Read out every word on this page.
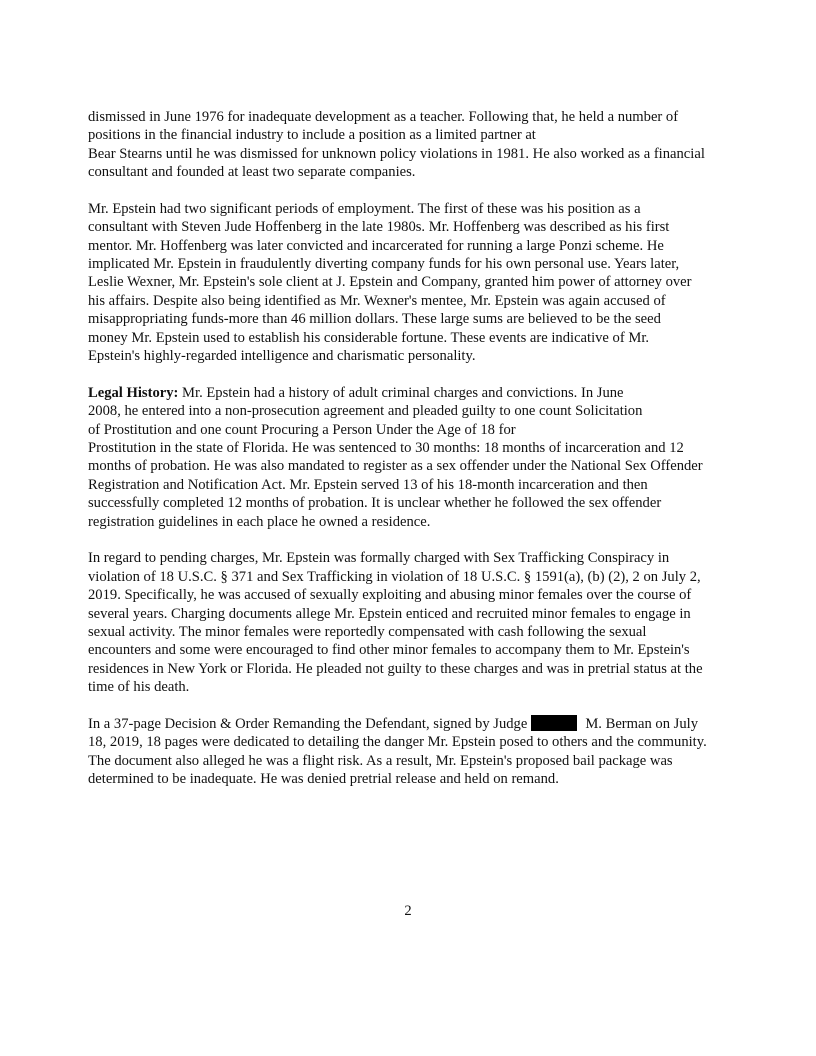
dismissed in June 1976 for inadequate development as a teacher. Following that, he held a number of
positions in the financial industry to include a position as a limited partner at
Bear Stearns until he was dismissed for unknown policy violations in 1981. He also worked as a financial
consultant and founded at least two separate companies.
Mr. Epstein had two significant periods of employment. The first of these was his position as a
consultant with Steven Jude Hoffenberg in the late 1980s. Mr. Hoffenberg was described as his first
mentor. Mr. Hoffenberg was later convicted and incarcerated for running a large Ponzi scheme. He
implicated Mr. Epstein in fraudulently diverting company funds for his own personal use. Years later,
Leslie Wexner, Mr. Epstein's sole client at J. Epstein and Company, granted him power of attorney over
his affairs. Despite also being identified as Mr. Wexner's mentee, Mr. Epstein was again accused of
misappropriating funds-more than 46 million dollars. These large sums are believed to be the seed
money Mr. Epstein used to establish his considerable fortune. These events are indicative of Mr.
Epstein's highly-regarded intelligence and charismatic personality.
Legal History: Mr. Epstein had a history of adult criminal charges and convictions. In June
2008, he entered into a non-prosecution agreement and pleaded guilty to one count Solicitation
of Prostitution and one count Procuring a Person Under the Age of 18 for
Prostitution in the state of Florida. He was sentenced to 30 months: 18 months of incarceration and 12
months of probation. He was also mandated to register as a sex offender under the National Sex Offender
Registration and Notification Act. Mr. Epstein served 13 of his 18-month incarceration and then
successfully completed 12 months of probation. It is unclear whether he followed the sex offender
registration guidelines in each place he owned a residence.
In regard to pending charges, Mr. Epstein was formally charged with Sex Trafficking Conspiracy in
violation of 18 U.S.C. § 371 and Sex Trafficking in violation of 18 U.S.C. § 1591(a), (b) (2), 2 on July 2,
2019. Specifically, he was accused of sexually exploiting and abusing minor females over the course of
several years. Charging documents allege Mr. Epstein enticed and recruited minor females to engage in
sexual activity. The minor females were reportedly compensated with cash following the sexual
encounters and some were encouraged to find other minor females to accompany them to Mr. Epstein's
residences in New York or Florida. He pleaded not guilty to these charges and was in pretrial status at the
time of his death.
In a 37-page Decision & Order Remanding the Defendant, signed by Judge	M. Berman on July
18, 2019, 18 pages were dedicated to detailing the danger Mr. Epstein posed to others and the community.
The document also alleged he was a flight risk. As a result, Mr. Epstein's proposed bail package was
determined to be inadequate. He was denied pretrial release and held on remand.
2
